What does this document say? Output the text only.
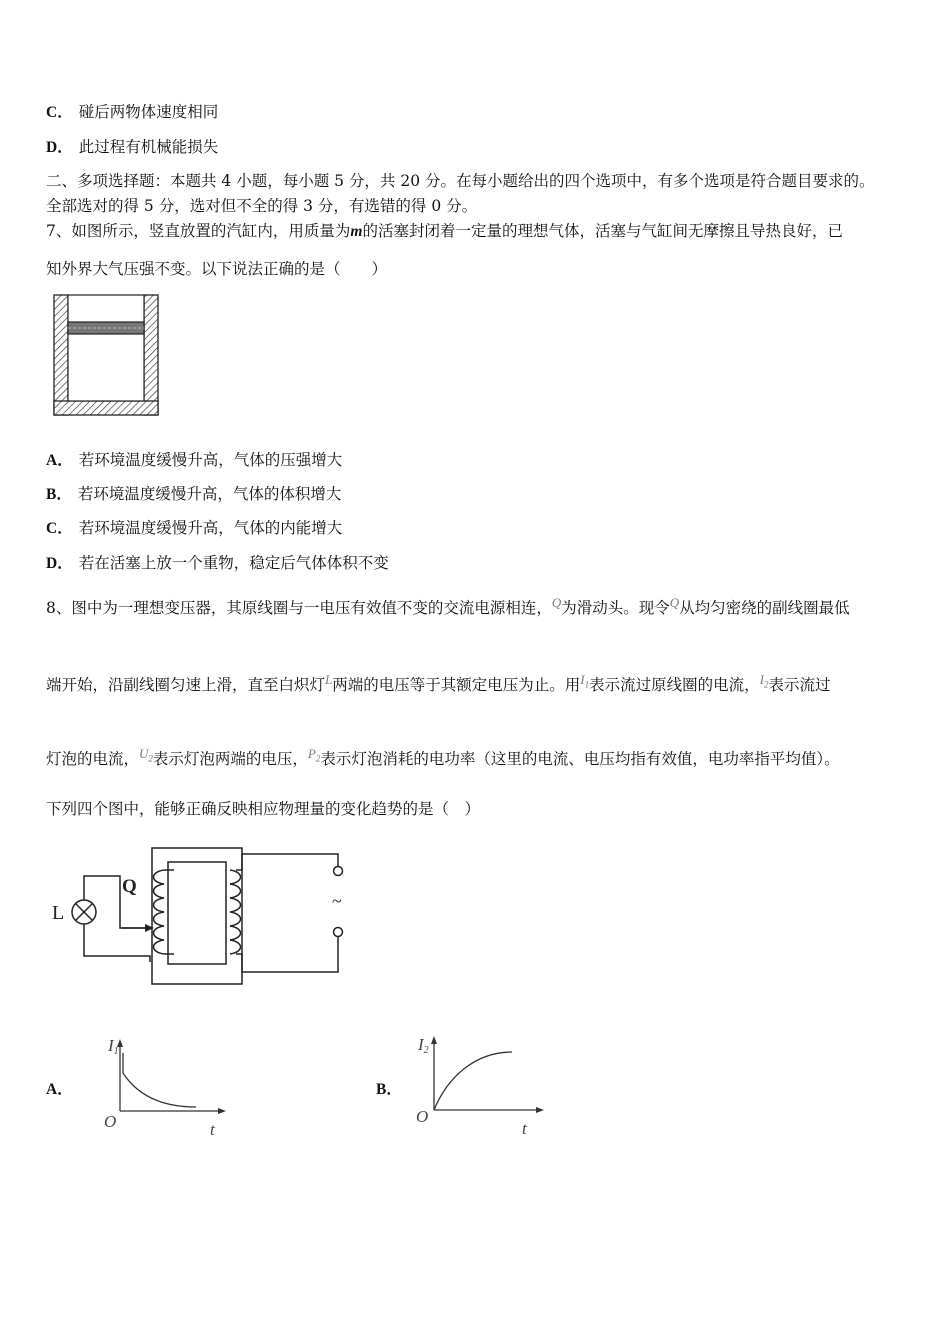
C． 碰后两物体速度相同
D． 此过程有机械能损失
二、多项选择题：本题共 4 小题，每小题 5 分，共 20 分。在每小题给出的四个选项中，有多个选项是符合题目要求的。
全部选对的得 5 分，选对但不全的得 3 分，有选错的得 0 分。
7、如图所示，竖直放置的汽缸内，用质量为m的活塞封闭着一定量的理想气体，活塞与气缸间无摩擦且导热良好，已
知外界大气压强不变。以下说法正确的是（　　）
A． 若环境温度缓慢升高，气体的压强增大
B． 若环境温度缓慢升高，气体的体积增大
C． 若环境温度缓慢升高，气体的内能增大
D． 若在活塞上放一个重物，稳定后气体体积不变
8、图中为一理想变压器，其原线圈与一电压有效值不变的交流电源相连，$^Q$为滑动头。现令$^Q$从均匀密绕的副线圈最低
端开始，沿副线圈匀速上滑，直至白炽灯$^L$两端的电压等于其额定电压为止。用$^{I_1}$表示流过原线圈的电流，$^{I_2}$表示流过
灯泡的电流，$^{U_2}$表示灯泡两端的电压，$^{P_2}$表示灯泡消耗的电功率（这里的电流、电压均指有效值，电功率指平均值）。
下列四个图中，能够正确反映相应物理量的变化趋势的是（　）
L
Q
~
A．
I1
O	t
B．
I2
O
t
